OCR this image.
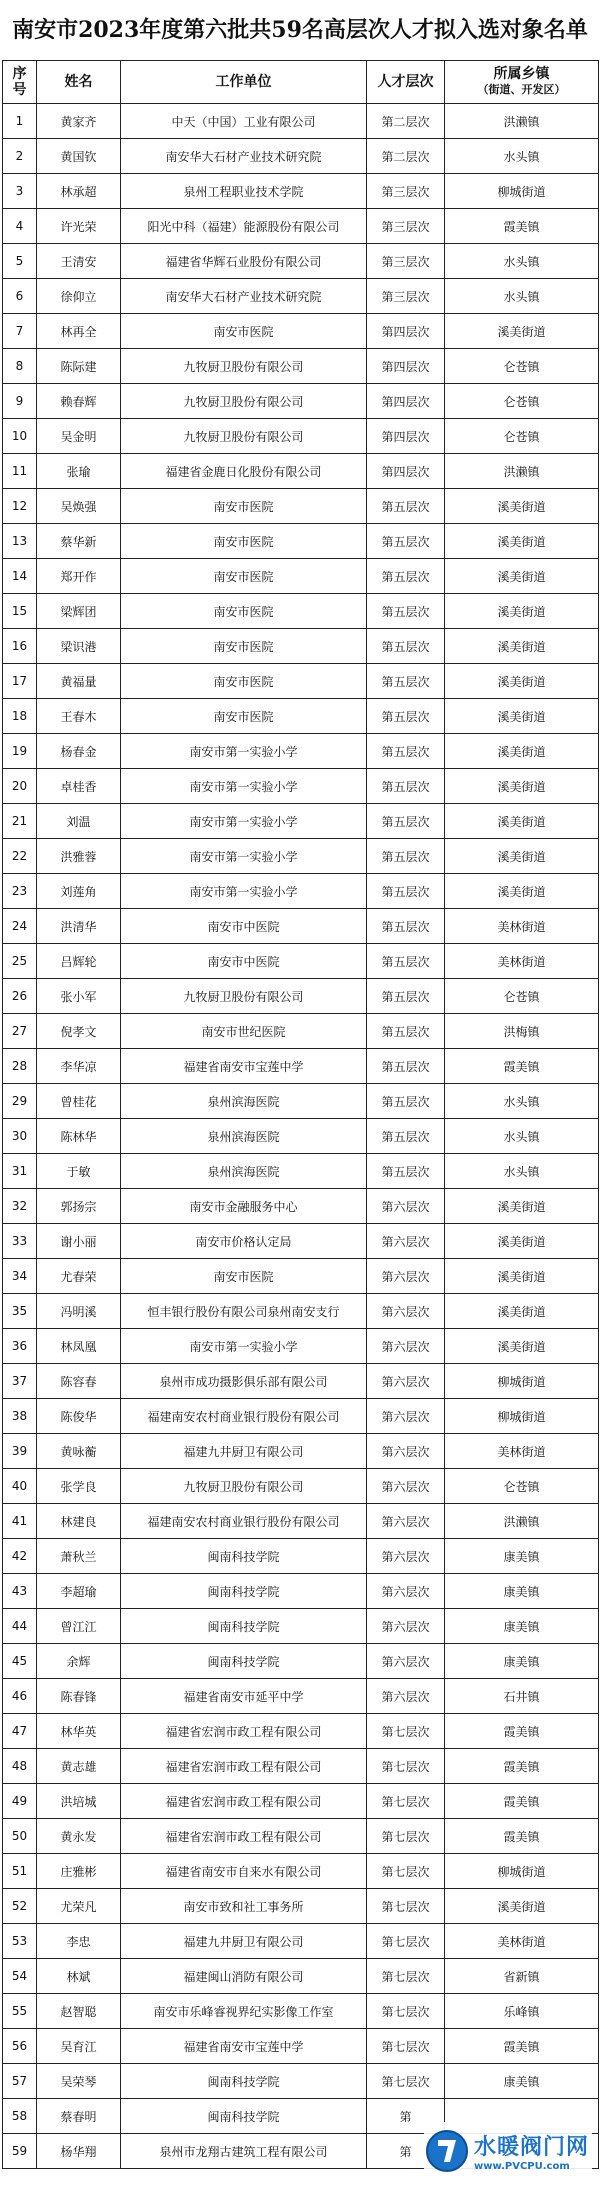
南安市2023年度第六批共59名高层次人才拟入选对象名单
序
号	姓名	工作单位	人才层次	所属乡镇
（街道、开发区）

1	黄家齐	中天（中国）工业有限公司	第二层次	洪濑镇
2	黄国钦	南安华大石材产业技术研究院	第二层次	水头镇
3	林承超	泉州工程职业技术学院	第三层次	柳城街道
4	许光荣	阳光中科（福建）能源股份有限公司	第三层次	霞美镇
5	王清安	福建省华辉石业股份有限公司	第三层次	水头镇
6	徐仰立	南安华大石材产业技术研究院	第三层次	水头镇
7	林再全	南安市医院	第四层次	溪美街道
8	陈际建	九牧厨卫股份有限公司	第四层次	仑苍镇
9	赖春辉	九牧厨卫股份有限公司	第四层次	仑苍镇
10	吴金明	九牧厨卫股份有限公司	第四层次	仑苍镇
11	张瑜	福建省金鹿日化股份有限公司	第四层次	洪濑镇
12	吴焕强	南安市医院	第五层次	溪美街道
13	蔡华新	南安市医院	第五层次	溪美街道
14	郑开作	南安市医院	第五层次	溪美街道
15	梁辉团	南安市医院	第五层次	溪美街道
16	梁识港	南安市医院	第五层次	溪美街道
17	黄福量	南安市医院	第五层次	溪美街道
18	王春木	南安市医院	第五层次	溪美街道
19	杨春金	南安市第一实验小学	第五层次	溪美街道
20	卓桂香	南安市第一实验小学	第五层次	溪美街道
21	刘温	南安市第一实验小学	第五层次	溪美街道
22	洪雅蓉	南安市第一实验小学	第五层次	溪美街道
23	刘莲角	南安市第一实验小学	第五层次	溪美街道
24	洪清华	南安市中医院	第五层次	美林街道
25	吕辉轮	南安市中医院	第五层次	美林街道
26	张小军	九牧厨卫股份有限公司	第五层次	仑苍镇
27	倪孝文	南安市世纪医院	第五层次	洪梅镇
28	李华凉	福建省南安市宝莲中学	第五层次	霞美镇
29	曾桂花	泉州滨海医院	第五层次	水头镇
30	陈林华	泉州滨海医院	第五层次	水头镇
31	于敏	泉州滨海医院	第五层次	水头镇
32	郭扬宗	南安市金融服务中心	第六层次	溪美街道
33	谢小丽	南安市价格认定局	第六层次	溪美街道
34	尤春荣	南安市医院	第六层次	溪美街道
35	冯明溪	恒丰银行股份有限公司泉州南安支行	第六层次	溪美街道
36	林凤凰	南安市第一实验小学	第六层次	溪美街道
37	陈容春	泉州市成功摄影俱乐部有限公司	第六层次	柳城街道
38	陈俊华	福建南安农村商业银行股份有限公司	第六层次	柳城街道
39	黄咏蘅	福建九井厨卫有限公司	第六层次	美林街道
40	张学良	九牧厨卫股份有限公司	第六层次	仑苍镇
41	林建良	福建南安农村商业银行股份有限公司	第六层次	洪濑镇
42	萧秋兰	闽南科技学院	第六层次	康美镇
43	李超瑜	闽南科技学院	第六层次	康美镇
44	曾江江	闽南科技学院	第六层次	康美镇
45	余辉	闽南科技学院	第六层次	康美镇
46	陈春锋	福建省南安市延平中学	第六层次	石井镇
47	林华英	福建省宏润市政工程有限公司	第七层次	霞美镇
48	黄志雄	福建省宏润市政工程有限公司	第七层次	霞美镇
49	洪培城	福建省宏润市政工程有限公司	第七层次	霞美镇
50	黄永发	福建省宏润市政工程有限公司	第七层次	霞美镇
51	庄雅彬	福建省南安市自来水有限公司	第七层次	柳城街道
52	尤荣凡	南安市致和社工事务所	第七层次	溪美街道
53	李忠	福建九井厨卫有限公司	第七层次	美林街道
54	林斌	福建闽山消防有限公司	第七层次	省新镇
55	赵智聪	南安市乐峰睿视界纪实影像工作室	第七层次	乐峰镇
56	吴育江	福建省南安市宝莲中学	第七层次	霞美镇
57	吴荣琴	闽南科技学院	第七层次	康美镇
58	蔡春明	闽南科技学院	第	
59	杨华翔	泉州市龙翔古建筑工程有限公司	第		水暖阀门网
www.PVCPU.com
